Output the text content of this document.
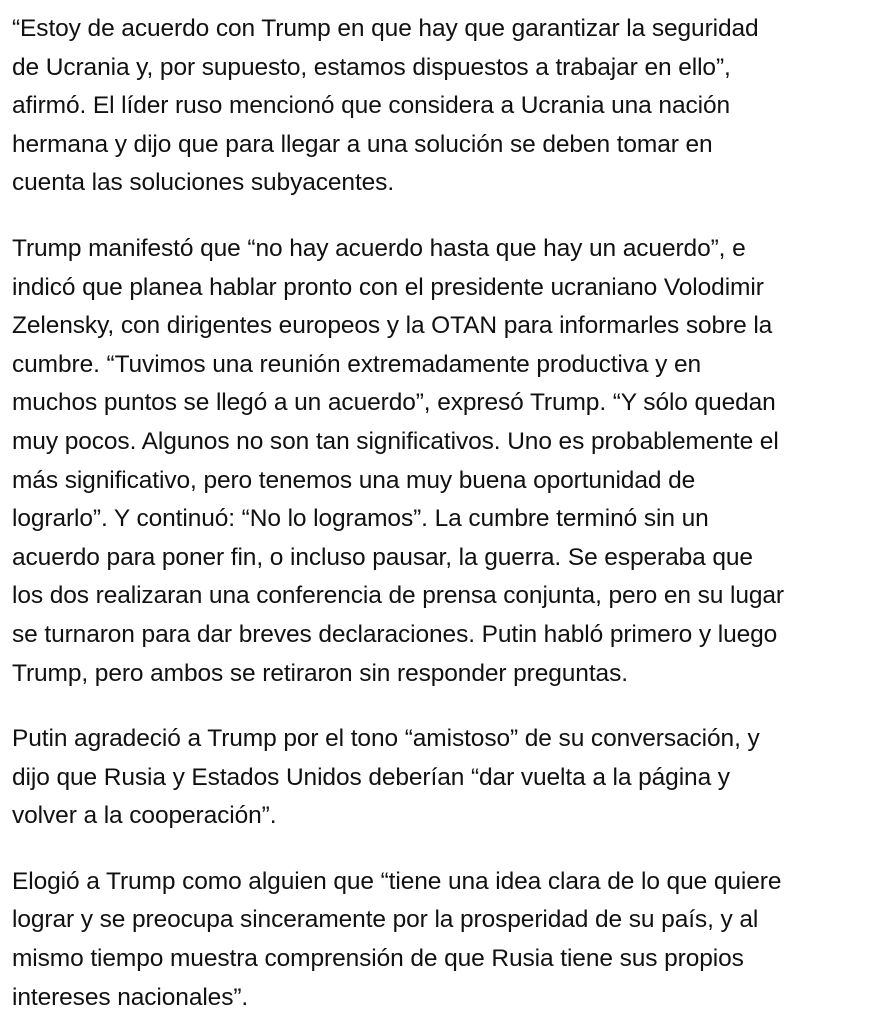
“Estoy de acuerdo con Trump en que hay que garantizar la seguridad
de Ucrania y, por supuesto, estamos dispuestos a trabajar en ello”,
afirmó. El líder ruso mencionó que considera a Ucrania una nación
hermana y dijo que para llegar a una solución se deben tomar en
cuenta las soluciones subyacentes.

Trump manifestó que “no hay acuerdo hasta que hay un acuerdo”, e
indicó que planea hablar pronto con el presidente ucraniano Volodimir
Zelensky, con dirigentes europeos y la OTAN para informarles sobre la
cumbre. “Tuvimos una reunión extremadamente productiva y en
muchos puntos se llegó a un acuerdo”, expresó Trump. “Y sólo quedan
muy pocos. Algunos no son tan significativos. Uno es probablemente el
más significativo, pero tenemos una muy buena oportunidad de
lograrlo”. Y continuó: “No lo logramos”. La cumbre terminó sin un
acuerdo para poner fin, o incluso pausar, la guerra. Se esperaba que
los dos realizaran una conferencia de prensa conjunta, pero en su lugar
se turnaron para dar breves declaraciones. Putin habló primero y luego
Trump, pero ambos se retiraron sin responder preguntas.

Putin agradeció a Trump por el tono “amistoso” de su conversación, y
dijo que Rusia y Estados Unidos deberían “dar vuelta a la página y
volver a la cooperación”.

Elogió a Trump como alguien que “tiene una idea clara de lo que quiere
lograr y se preocupa sinceramente por la prosperidad de su país, y al
mismo tiempo muestra comprensión de que Rusia tiene sus propios
intereses nacionales”.
